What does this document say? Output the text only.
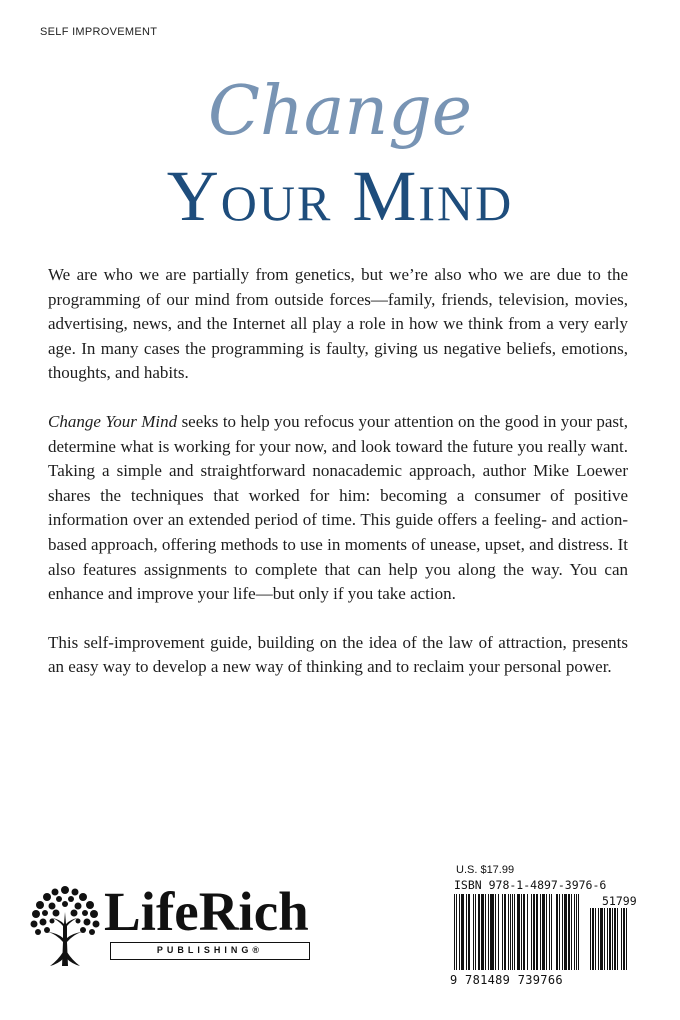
SELF IMPROVEMENT
Change
Your Mind

We are who we are partially from genetics, but we’re also who we are due to the programming of our mind from outside forces—family, friends, television, movies, advertising, news, and the Internet all play a role in how we think from a very early age. In many cases the programming is faulty, giving us negative beliefs, emotions, thoughts, and habits.

Change Your Mind seeks to help you refocus your attention on the good in your past, determine what is working for your now, and look toward the future you really want. Taking a simple and straightforward nonacademic approach, author Mike Loewer shares the techniques that worked for him: becoming a consumer of positive information over an extended period of time. This guide offers a feeling- and action-based approach, offering methods to use in moments of unease, upset, and distress. It also features assignments to complete that can help you along the way. You can enhance and improve your life—but only if you take action.

This self-improvement guide, building on the idea of the law of attraction, presents an easy way to develop a new way of thinking and to reclaim your personal power.

LifeRich
PUBLISHING®
U.S. $17.99
ISBN 978-1-4897-3976-6
51799
9 781489 739766
